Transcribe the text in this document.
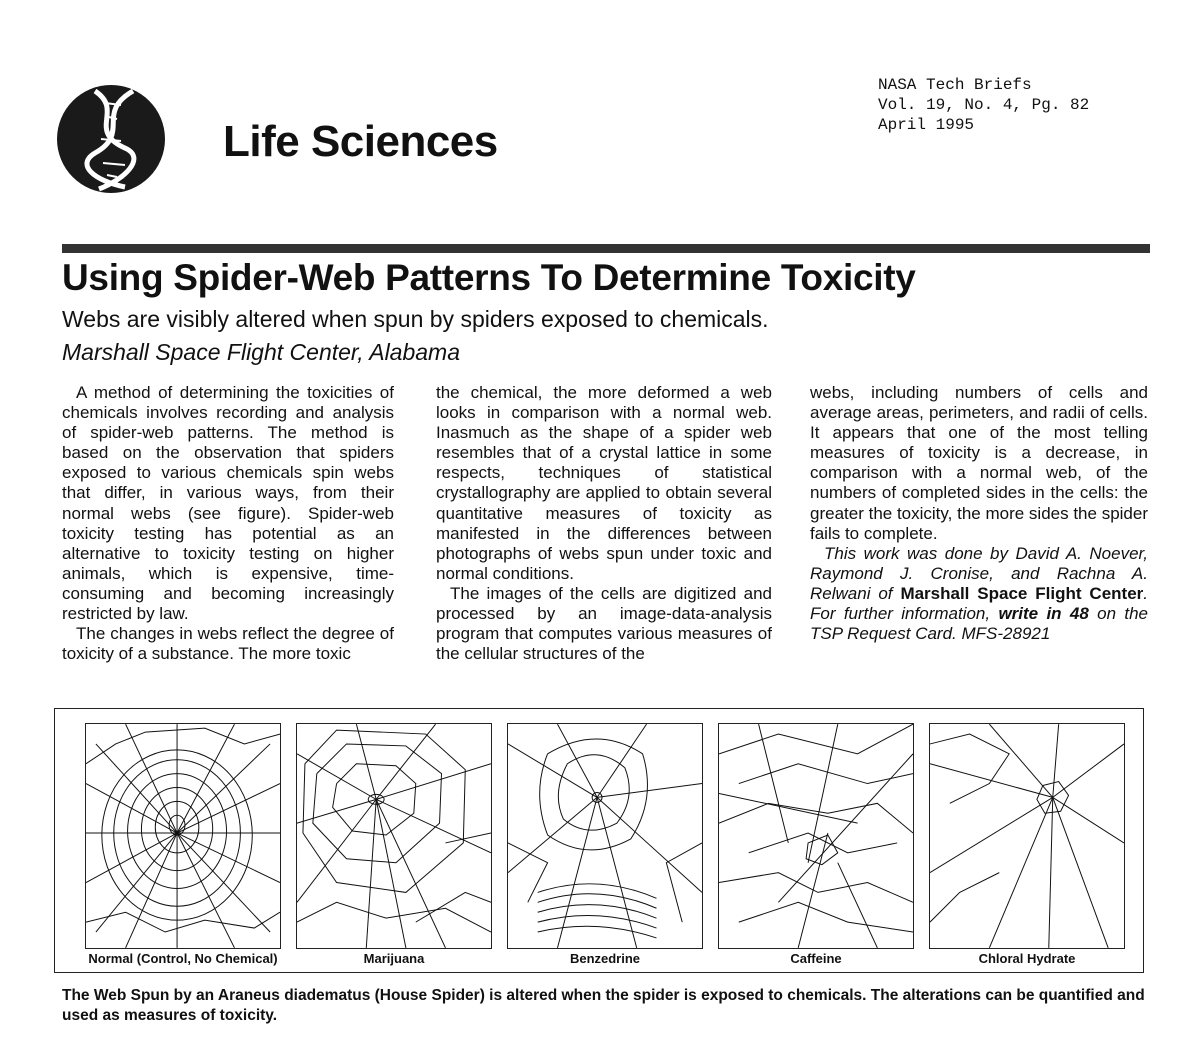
Life Sciences
NASA Tech Briefs
Vol. 19, No. 4, Pg. 82
April 1995
Using Spider-Web Patterns To Determine Toxicity
Webs are visibly altered when spun by spiders exposed to chemicals.
Marshall Space Flight Center, Alabama

A method of determining the toxicities of chemicals involves recording and analysis of spider-web patterns. The method is based on the observation that spiders exposed to various chemicals spin webs that differ, in various ways, from their normal webs (see figure). Spider-web toxicity testing has potential as an alternative to toxicity testing on higher animals, which is expensive, time-consuming and becoming increasingly restricted by law.

The changes in webs reflect the degree of toxicity of a substance. The more toxic

the chemical, the more deformed a web looks in comparison with a normal web. Inasmuch as the shape of a spider web resembles that of a crystal lattice in some respects, techniques of statistical crystallography are applied to obtain several quantitative measures of toxicity as manifested in the differences between photographs of webs spun under toxic and normal conditions.

The images of the cells are digitized and processed by an image-data-analysis program that computes various measures of the cellular structures of the

webs, including numbers of cells and average areas, perimeters, and radii of cells. It appears that one of the most telling measures of toxicity is a decrease, in comparison with a normal web, of the numbers of completed sides in the cells: the greater the toxicity, the more sides the spider fails to complete.

This work was done by David A. Noever, Raymond J. Cronise, and Rachna A. Relwani of Marshall Space Flight Center. For further information, write in 48 on the TSP Request Card. MFS-28921

Normal (Control, No Chemical)	Marijuana	Benzedrine	Caffeine	Chloral Hydrate
The Web Spun by an Araneus diadematus (House Spider) is altered when the spider is exposed to chemicals. The alterations can be quantified and used as measures of toxicity.
